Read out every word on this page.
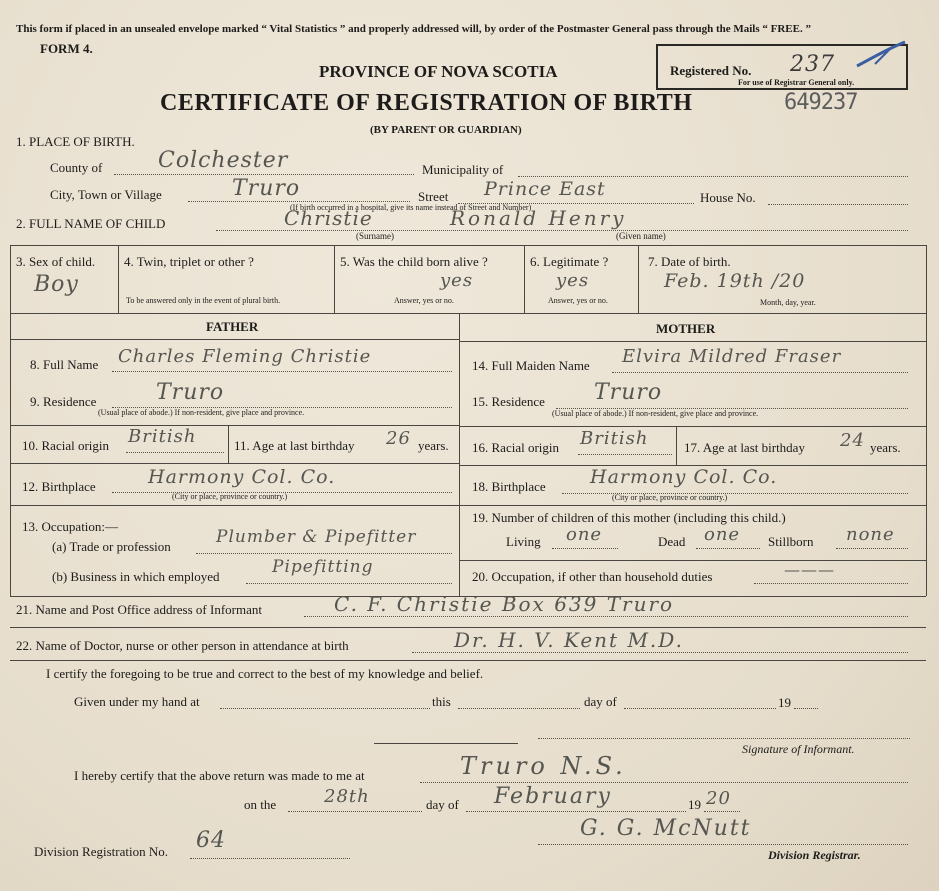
This form if placed in an unsealed envelope marked “ Vital Statistics ” and properly addressed will, by order of the Postmaster General pass through the Mails “ FREE. ”
FORM 4.
PROVINCE OF NOVA SCOTIA
CERTIFICATE OF REGISTRATION OF BIRTH
(BY PARENT OR GUARDIAN)
Registered No. 237
For use of Registrar General only.
649237
1. PLACE OF BIRTH.
County of	Colchester	Municipality of
City, Town or Village	Truro	Street Prince East	House No.
(If birth occurred in a hospital, give its name instead of Street and Number)
2. FULL NAME OF CHILD	Christie	Ronald Henry
(Surname)	(Given name)
3. Sex of child.
Boy
4. Twin, triplet or other ?
To be answered only in the event of plural birth.
5. Was the child born alive ?
yes
Answer, yes or no.
6. Legitimate ?
yes
Answer, yes or no.
7. Date of birth.
Feb. 19th /20
Month, day, year.
FATHER	MOTHER
8. Full Name Charles Fleming Christie
9. Residence	Truro
(Usual place of abode.) If non-resident, give place and province.
10. Racial origin British	11. Age at last birthday 26 years.
12. Birthplace	Harmony Col. Co.
(City or place, province or country.)
13. Occupation:—
(a) Trade or profession	Plumber & Pipefitter
(b) Business in which employed	Pipefitting
14. Full Maiden Name Elvira Mildred Fraser
15. Residence Truro
(Usual place of abode.) If non-resident, give place and province.
16. Racial origin British	17. Age at last birthday 24 years.
18. Birthplace Harmony Col. Co.
(City or place, province or country.)
19. Number of children of this mother (including this child.)
Living one	Dead one Stillborn none
20. Occupation, if other than household duties	———
21. Name and Post Office address of Informant	C. F. Christie Box 639 Truro
22. Name of Doctor, nurse or other person in attendance at birth	Dr. H. V. Kent M.D.
I certify the foregoing to be true and correct to the best of my knowledge and belief.
Given under my hand at	this	day of	19
Signature of Informant.
I hereby certify that the above return was made to me at	Truro N.S.
on the	28th	day of February	19 20
G. G. McNutt
Division Registration No. 64
Division Registrar.
